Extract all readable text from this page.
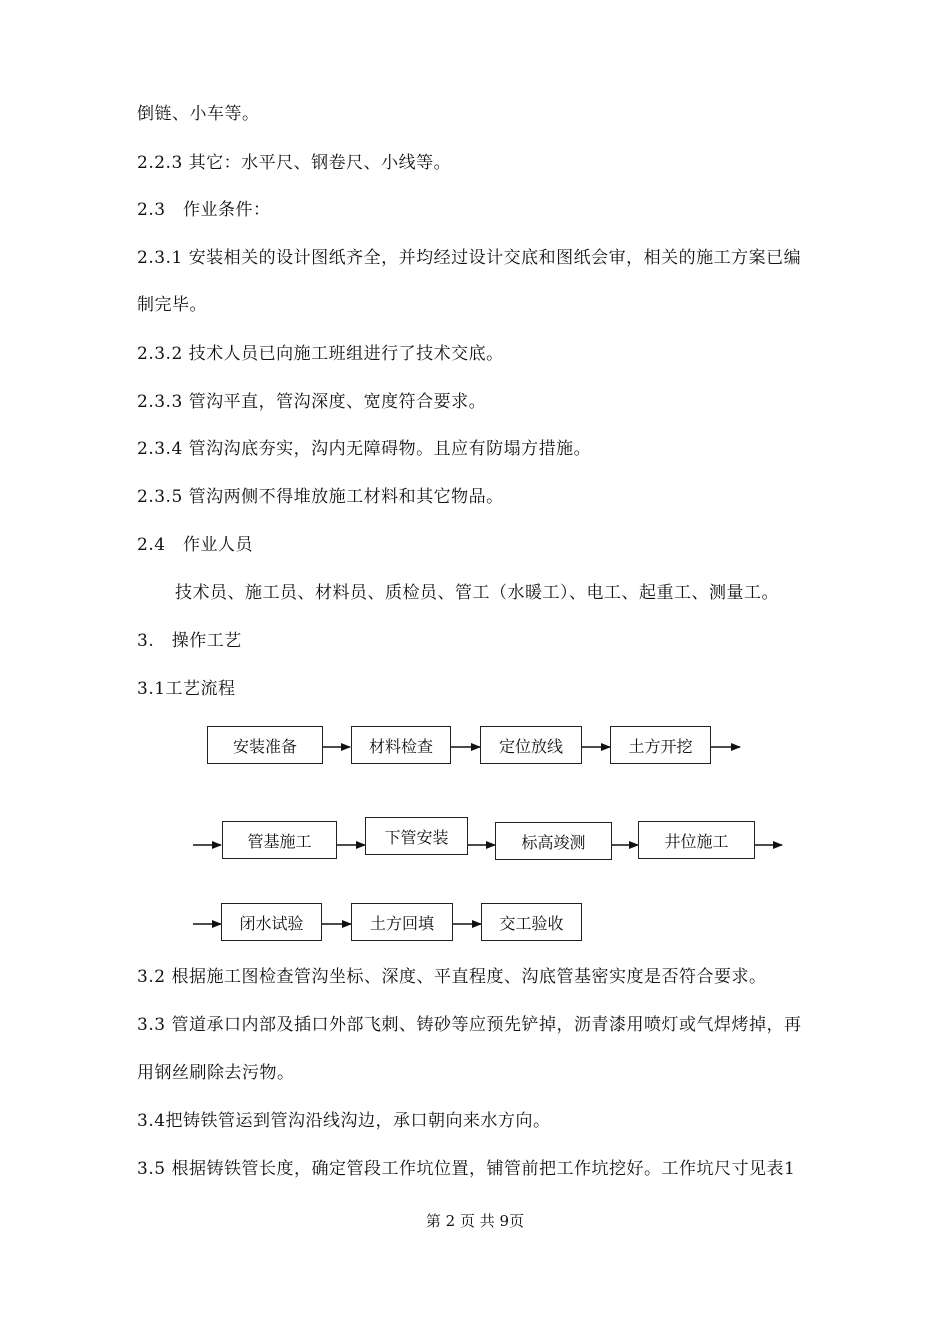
倒链、小车等。
2.2.3 其它：水平尺、钢卷尺、小线等。
2.3　作业条件：
2.3.1 安装相关的设计图纸齐全，并均经过设计交底和图纸会审，相关的施工方案已编
制完毕。
2.3.2 技术人员已向施工班组进行了技术交底。
2.3.3 管沟平直，管沟深度、宽度符合要求。
2.3.4 管沟沟底夯实，沟内无障碍物。且应有防塌方措施。
2.3.5 管沟两侧不得堆放施工材料和其它物品。
2.4　作业人员
技术员、施工员、材料员、质检员、管工（水暖工）、电工、起重工、测量工。
3.　操作工艺
3.1工艺流程
安装准备	材料检查	定位放线	土方开挖
管基施工	下管安装	标高竣测	井位施工
闭水试验	土方回填	交工验收
3.2 根据施工图检查管沟坐标、深度、平直程度、沟底管基密实度是否符合要求。
3.3 管道承口内部及插口外部飞刺、铸砂等应预先铲掉，沥青漆用喷灯或气焊烤掉，再
用钢丝刷除去污物。
3.4把铸铁管运到管沟沿线沟边，承口朝向来水方向。
3.5 根据铸铁管长度，确定管段工作坑位置，铺管前把工作坑挖好。工作坑尺寸见表1
第 2 页 共 9页
